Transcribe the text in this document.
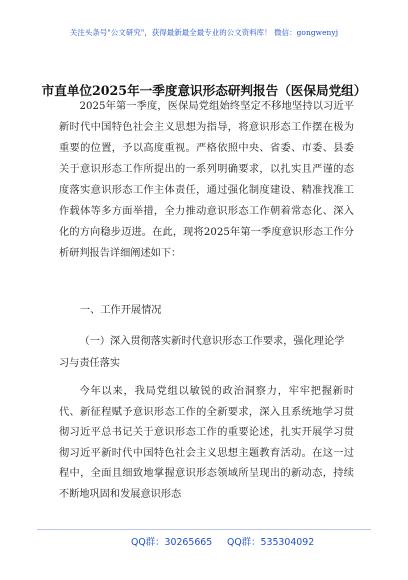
关注头条号"公文研究"，获得最新最全最专业的公文资料库！ 微信：gongwenyj
市直单位2025年一季度意识形态研判报告（医保局党组）
2025年第一季度，医保局党组始终坚定不移地坚持以习近平新时代中国特色社会主义思想为指导，将意识形态工作摆在极为重要的位置，予以高度重视。严格依照中央、省委、市委、县委关于意识形态工作所提出的一系列明确要求，以扎实且严谨的态度落实意识形态工作主体责任，通过强化制度建设、精准找准工作载体等多方面举措，全力推动意识形态工作朝着常态化、深入化的方向稳步迈进。在此，现将2025年第一季度意识形态工作分析研判报告详细阐述如下：
一、工作开展情况
（一）深入贯彻落实新时代意识形态工作要求，强化理论学习与责任落实
今年以来，我局党组以敏锐的政治洞察力，牢牢把握新时代、新征程赋予意识形态工作的全新要求，深入且系统地学习贯彻习近平总书记关于意识形态工作的重要论述，扎实开展学习贯彻习近平新时代中国特色社会主义思想主题教育活动。在这一过程中，全面且细致地掌握意识形态领域所呈现出的新动态，持续不断地巩固和发展意识形态
QQ群：30265665 QQ群：535304092
